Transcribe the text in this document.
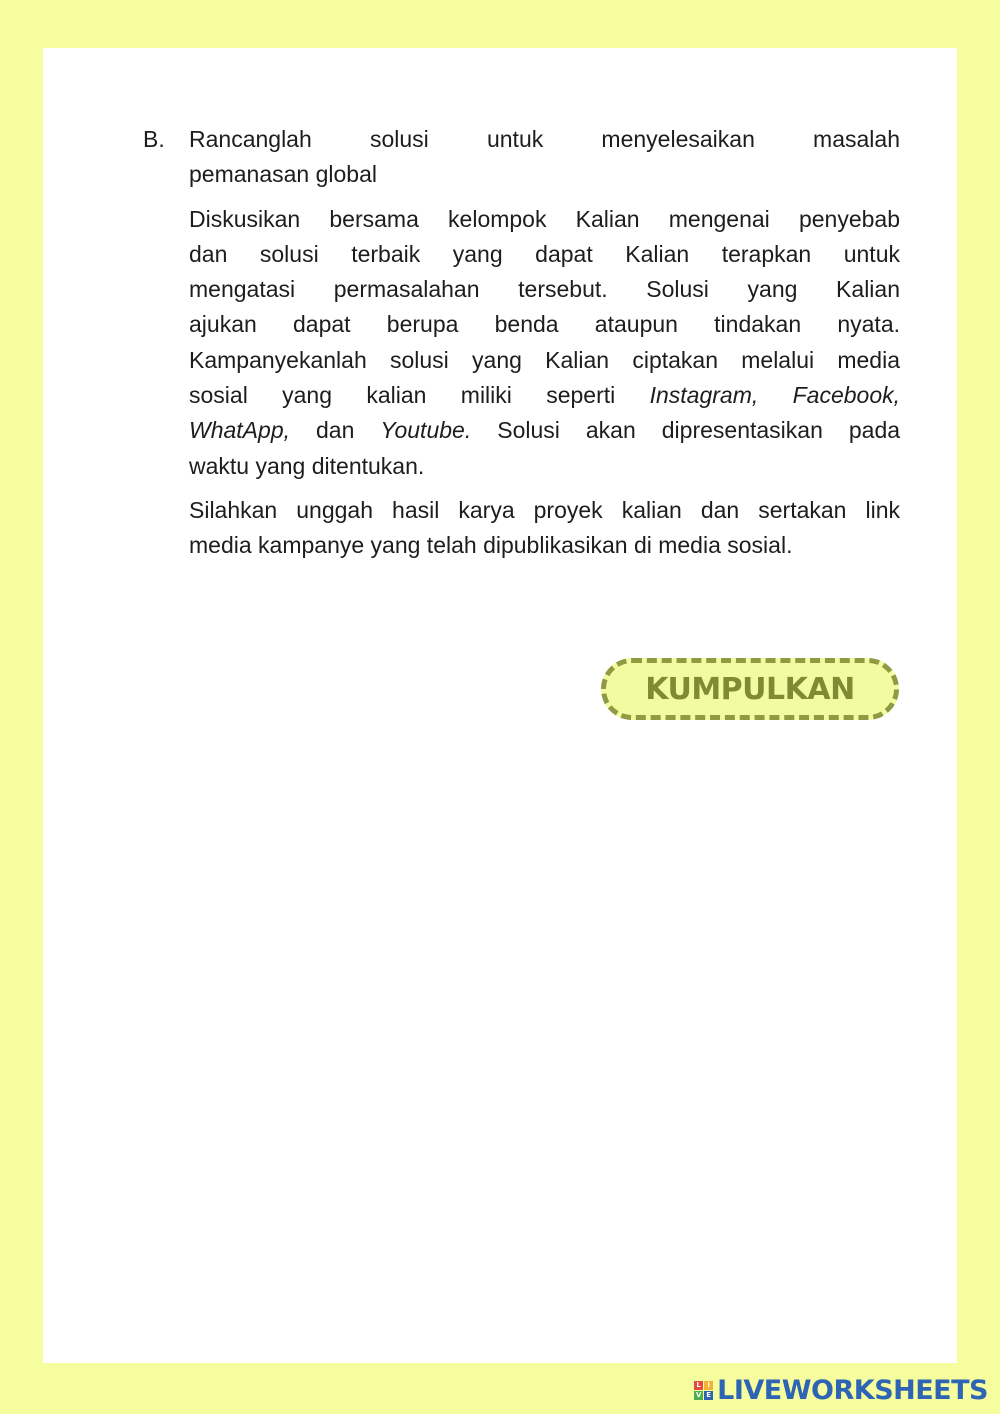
B.	Rancanglah solusi untuk menyelesaikan masalah
pemanasan global
Diskusikan bersama kelompok Kalian mengenai penyebab
dan solusi terbaik yang dapat Kalian terapkan untuk
mengatasi permasalahan tersebut. Solusi yang Kalian
ajukan dapat berupa benda ataupun tindakan nyata.
Kampanyekanlah solusi yang Kalian ciptakan melalui media
sosial yang kalian miliki seperti Instagram, Facebook,
WhatApp, dan Youtube. Solusi akan dipresentasikan pada
waktu yang ditentukan.
Silahkan unggah hasil karya proyek kalian dan sertakan link
media kampanye yang telah dipublikasikan di media sosial.
KUMPULKAN
L I
V E LIVEWORKSHEETS
